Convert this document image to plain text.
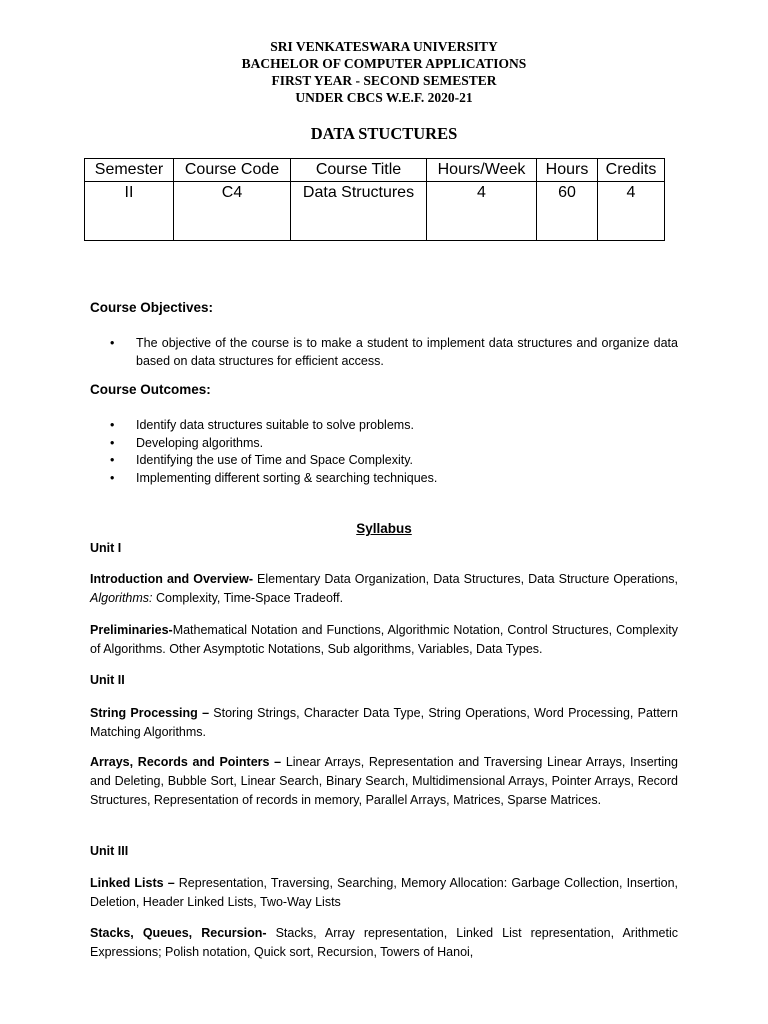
SRI VENKATESWARA UNIVERSITY
BACHELOR OF COMPUTER APPLICATIONS
FIRST YEAR - SECOND SEMESTER
UNDER CBCS W.E.F. 2020-21
DATA STUCTURES
Semester	Course Code	Course Title	Hours/Week	Hours	Credits
II	C4	Data Structures	4	60	4
Course Objectives:
• The objective of the course is to make a student to implement data structures and organize data based on data structures for efficient access.
Course Outcomes:
• Identify data structures suitable to solve problems.
• Developing algorithms.
• Identifying the use of Time and Space Complexity.
• Implementing different sorting & searching techniques.
Syllabus
Unit I
Introduction and Overview- Elementary Data Organization, Data Structures, Data Structure Operations, Algorithms: Complexity, Time-Space Tradeoff.
Preliminaries-Mathematical Notation and Functions, Algorithmic Notation, Control Structures, Complexity of Algorithms. Other Asymptotic Notations, Sub algorithms, Variables, Data Types.
Unit II
String Processing – Storing Strings, Character Data Type, String Operations, Word Processing, Pattern Matching Algorithms.
Arrays, Records and Pointers – Linear Arrays, Representation and Traversing Linear Arrays, Inserting and Deleting, Bubble Sort, Linear Search, Binary Search, Multidimensional Arrays, Pointer Arrays, Record Structures, Representation of records in memory, Parallel Arrays, Matrices, Sparse Matrices.
Unit III
Linked Lists – Representation, Traversing, Searching, Memory Allocation: Garbage Collection, Insertion, Deletion, Header Linked Lists, Two-Way Lists
Stacks, Queues, Recursion- Stacks, Array representation, Linked List representation, Arithmetic Expressions; Polish notation, Quick sort, Recursion, Towers of Hanoi,
